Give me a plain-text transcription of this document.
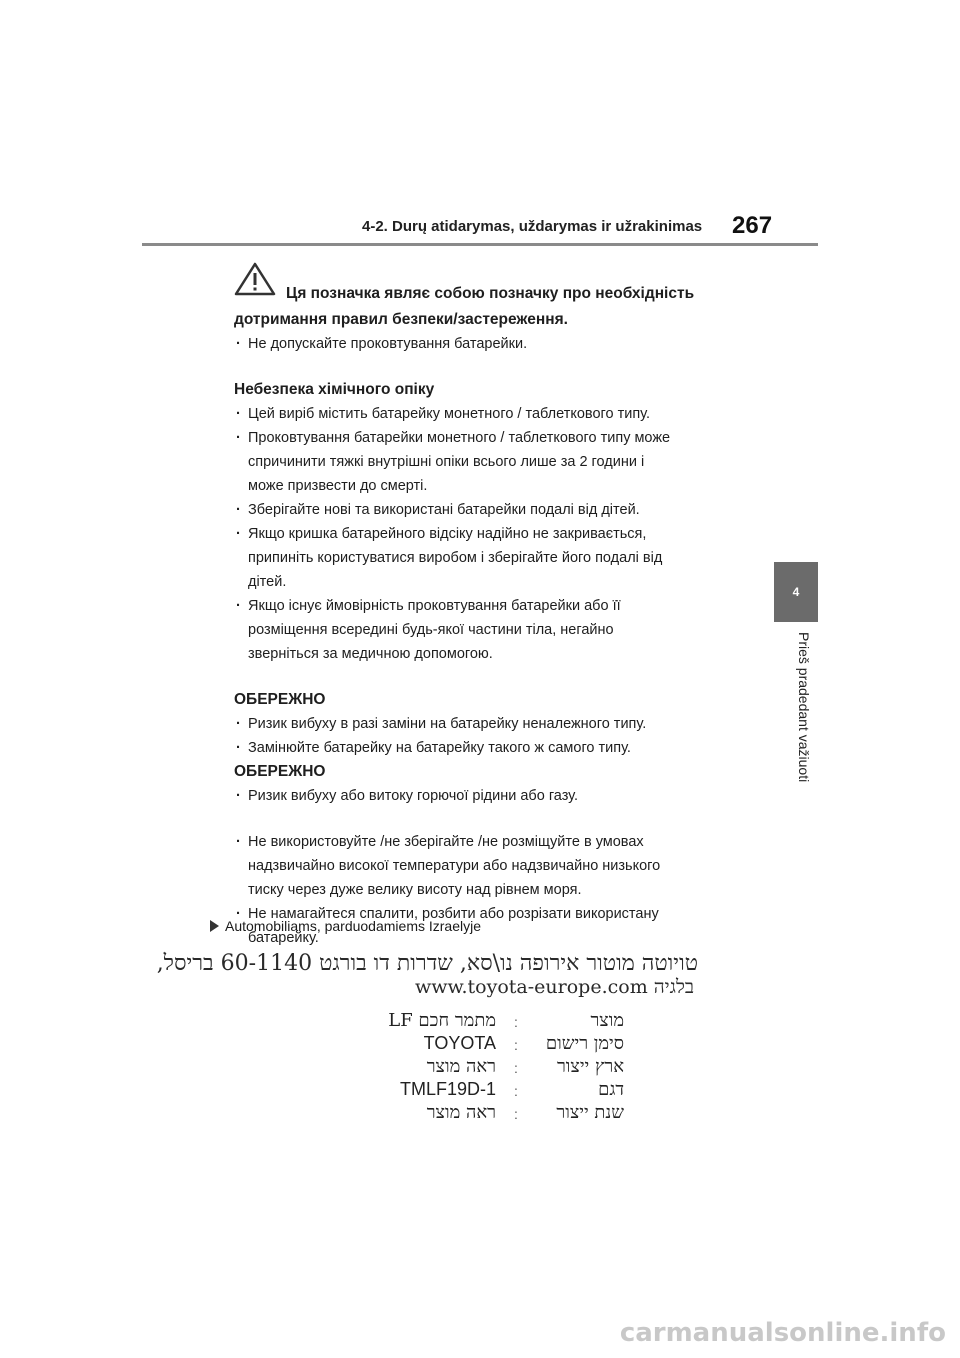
4-2. Durų atidarymas, uždarymas ir užrakinimas 267
4
Prieš pradedant važiuoti
Ця позначка являє собою позначку про необхідність
дотримання правил безпеки/застереження.
· Не допускайте проковтування батарейки.
Небезпека хімічного опіку
· Цей виріб містить батарейку монетного / таблеткового типу.
· Проковтування батарейки монетного / таблеткового типу може
спричинити тяжкі внутрішні опіки всього лише за 2 години і
може призвести до смерті.
· Зберігайте нові та використані батарейки подалі від дітей.
· Якщо кришка батарейного відсіку надійно не закривається,
припиніть користуватися виробом і зберігайте його подалі від
дітей.
· Якщо існує ймовірність проковтування батарейки або її
розміщення всередині будь-якої частини тіла, негайно
зверніться за медичною допомогою.
ОБЕРЕЖНО
· Ризик вибуху в разі заміни на батарейку неналежного типу.
· Замінюйте батарейку на батарейку такого ж самого типу.
ОБЕРЕЖНО
· Ризик вибуху або витоку горючої рідини або газу.
· Не використовуйте /не зберігайте /не розміщуйте в умовах
надзвичайно високої температури або надзвичайно низького
тиску через дуже велику висоту над рівнем моря.
· Не намагайтеся спалити, розбити або розрізати використану
батарейку.
Automobiliams, parduodamiems Izraelyje
טויוטה מוטור אירופה נו\סא, שדרות דו בורגט 60-1140 בריסל,
בלגיה www.toyota-europe.com
מתמר חכם LF :	מוצר
TOYOTA : סימן רישום
ראה מוצר : ארץ ייצור
TMLF19D-1 :	דגם
ראה מוצר : שנת ייצור
carmanualsonline.info
